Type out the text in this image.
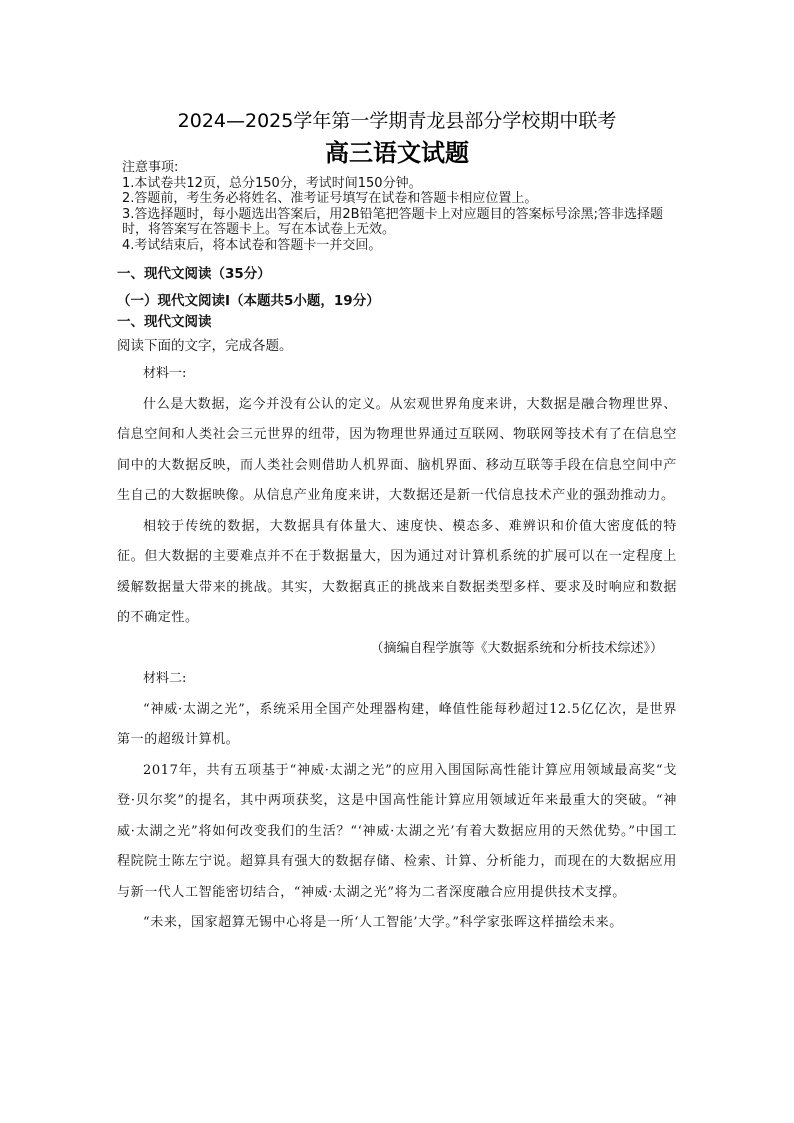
2024—2025学年第一学期青龙县部分学校期中联考
高三语文试题
注意事项:
1.本试卷共12页，总分150分，考试时间150分钟。
2.答题前，考生务必将姓名、准考证号填写在试卷和答题卡相应位置上。
3.答选择题时，每小题选出答案后，用2B铅笔把答题卡上对应题目的答案标号涂黑;答非选择题时，将答案写在答题卡上。写在本试卷上无效。
4.考试结束后，将本试卷和答题卡一并交回。
一、现代文阅读（35分）
（一）现代文阅读Ⅰ（本题共5小题，19分）
一、现代文阅读
阅读下面的文字，完成各题。

材料一:

什么是大数据，迄今并没有公认的定义。从宏观世界角度来讲，大数据是融合物理世界、信息空间和人类社会三元世界的纽带，因为物理世界通过互联网、物联网等技术有了在信息空间中的大数据反映，而人类社会则借助人机界面、脑机界面、移动互联等手段在信息空间中产生自己的大数据映像。从信息产业角度来讲，大数据还是新一代信息技术产业的强劲推动力。

相较于传统的数据，大数据具有体量大、速度快、模态多、难辨识和价值大密度低的特征。但大数据的主要难点并不在于数据量大，因为通过对计算机系统的扩展可以在一定程度上缓解数据量大带来的挑战。其实，大数据真正的挑战来自数据类型多样、要求及时响应和数据的不确定性。

（摘编自程学旗等《大数据系统和分析技术综述》）

材料二:

“神威·太湖之光”，系统采用全国产处理器构建，峰值性能每秒超过12.5亿亿次，是世界第一的超级计算机。

2017年，共有五项基于“神威·太湖之光”的应用入围国际高性能计算应用领域最高奖“戈登·贝尔奖”的提名，其中两项获奖，这是中国高性能计算应用领域近年来最重大的突破。“神威·太湖之光”将如何改变我们的生活？“‘神威·太湖之光’有着大数据应用的天然优势。”中国工程院院士陈左宁说。超算具有强大的数据存储、检索、计算、分析能力，而现在的大数据应用与新一代人工智能密切结合，“神威·太湖之光”将为二者深度融合应用提供技术支撑。

“未来，国家超算无锡中心将是一所‘人工智能’大学。”科学家张晖这样描绘未来。
